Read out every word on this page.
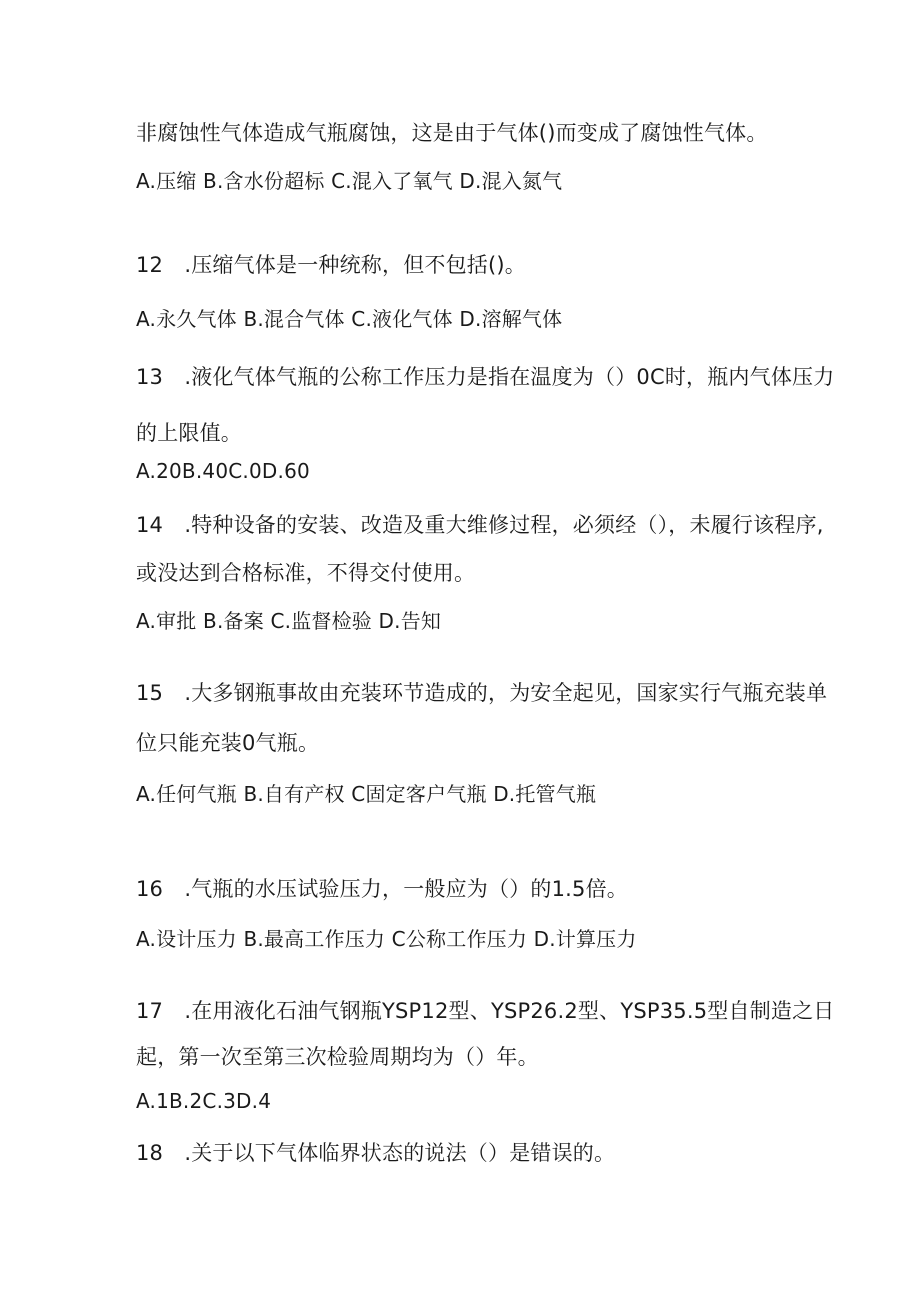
非腐蚀性气体造成气瓶腐蚀，这是由于气体()而变成了腐蚀性气体。
A.压缩 B.含水份超标 C.混入了氧气 D.混入氮气
12　.压缩气体是一种统称，但不包括()。
A.永久气体 B.混合气体 C.液化气体 D.溶解气体
13　.液化气体气瓶的公称工作压力是指在温度为（）0C时，瓶内气体压力
的上限值。
A.20B.40C.0D.60
14　.特种设备的安装、改造及重大维修过程，必须经（），未履行该程序,
或没达到合格标准，不得交付使用。
A.审批 B.备案 C.监督检验 D.告知
15　.大多钢瓶事故由充装环节造成的，为安全起见，国家实行气瓶充装单
位只能充装0气瓶。
A.任何气瓶 B.自有产权 C固定客户气瓶 D.托管气瓶
16　.气瓶的水压试验压力，一般应为（）的1.5倍。
A.设计压力 B.最高工作压力 C公称工作压力 D.计算压力
17　.在用液化石油气钢瓶YSP12型、YSP26.2型、YSP35.5型自制造之日
起，第一次至第三次检验周期均为（）年。
A.1B.2C.3D.4
18　.关于以下气体临界状态的说法（）是错误的。
